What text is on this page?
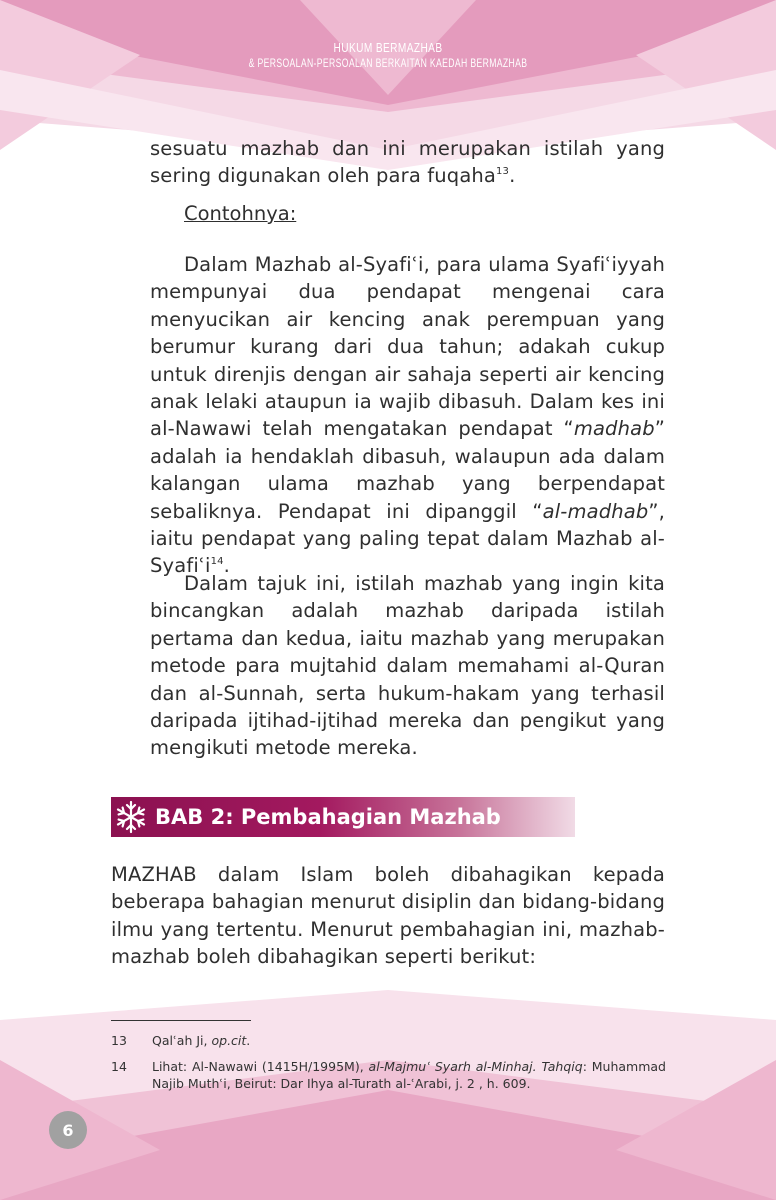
HUKUM BERMAZHAB
& PERSOALAN-PERSOALAN BERKAITAN KAEDAH BERMAZHAB

sesuatu mazhab dan ini merupakan istilah yang sering digunakan oleh para fuqaha$^{13}$.

Contohnya:

Dalam Mazhab al-Syafiʿi, para ulama Syafiʿiyyah mempunyai dua pendapat mengenai cara menyucikan air kencing anak perempuan yang berumur kurang dari dua tahun; adakah cukup untuk direnjis dengan air sahaja seperti air kencing anak lelaki ataupun ia wajib dibasuh. Dalam kes ini al-Nawawi telah mengatakan pendapat “madhab” adalah ia hendaklah dibasuh, walaupun ada dalam kalangan ulama mazhab yang berpendapat sebaliknya. Pendapat ini dipanggil “al-madhab”, iaitu pendapat yang paling tepat dalam Mazhab al-Syafiʿi$^{14}$.

Dalam tajuk ini, istilah mazhab yang ingin kita bincangkan adalah mazhab daripada istilah pertama dan kedua, iaitu mazhab yang merupakan metode para mujtahid dalam memahami al-Quran dan al-Sunnah, serta hukum-hakam yang terhasil daripada ijtihad-ijtihad mereka dan pengikut yang mengikuti metode mereka.

BAB 2: Pembahagian Mazhab

MAZHAB dalam Islam boleh dibahagikan kepada beberapa bahagian menurut disiplin dan bidang-bidang ilmu yang tertentu. Menurut pembahagian ini, mazhab-mazhab boleh dibahagikan seperti berikut:

13 Qalʿah Ji, op.cit.
14 Lihat: Al-Nawawi (1415H/1995M), al-Majmuʿ Syarh al-Minhaj. Tahqiq: Muhammad Najib Muthʿi, Beirut: Dar Ihya al-Turath al-ʿArabi, j. 2 , h. 609.
6
